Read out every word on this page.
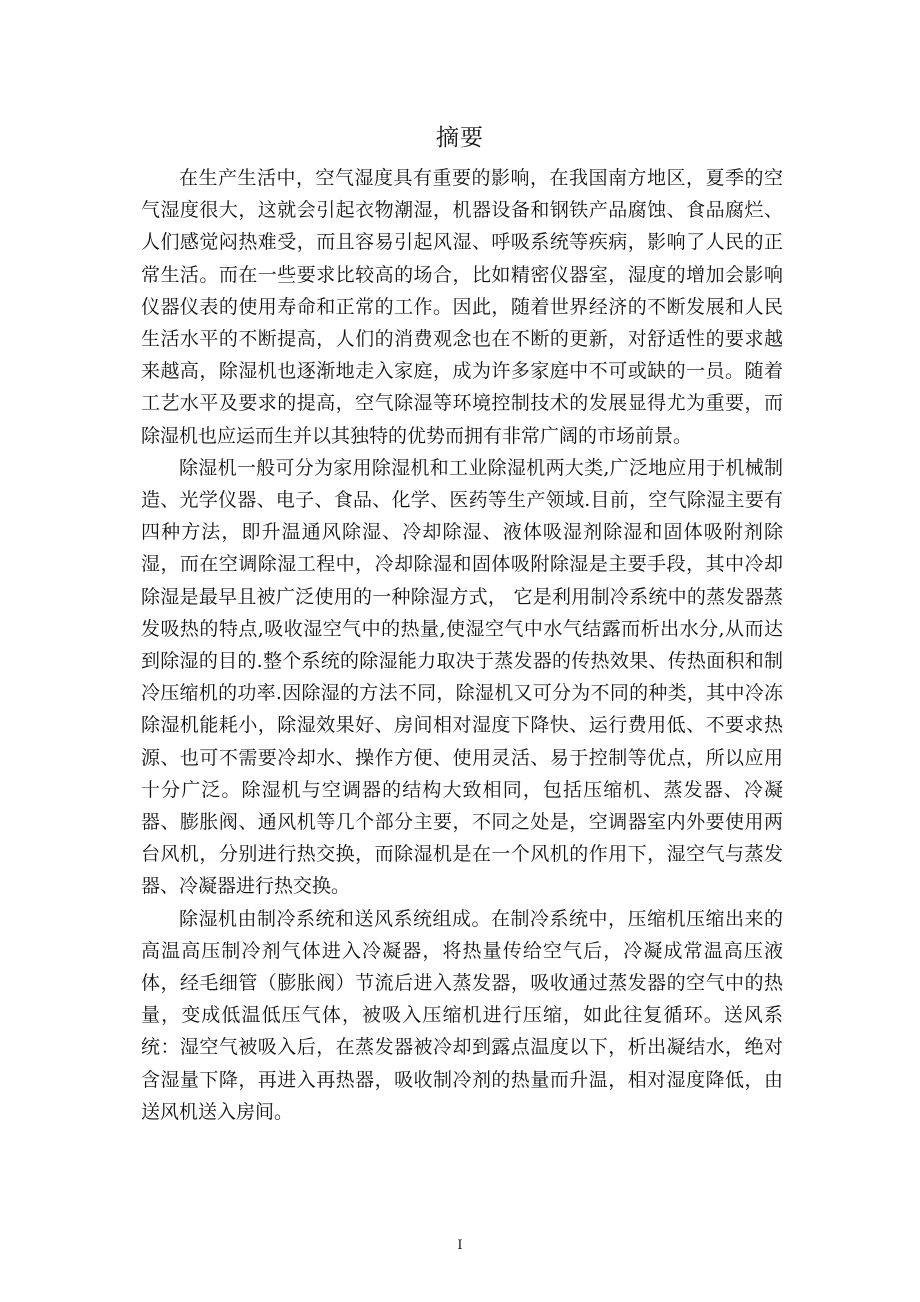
摘要

在生产生活中，空气湿度具有重要的影响，在我国南方地区，夏季的空气湿度很大，这就会引起衣物潮湿，机器设备和钢铁产品腐蚀、食品腐烂、人们感觉闷热难受，而且容易引起风湿、呼吸系统等疾病，影响了人民的正常生活。而在一些要求比较高的场合，比如精密仪器室，湿度的增加会影响仪器仪表的使用寿命和正常的工作。因此，随着世界经济的不断发展和人民生活水平的不断提高，人们的消费观念也在不断的更新，对舒适性的要求越来越高，除湿机也逐渐地走入家庭，成为许多家庭中不可或缺的一员。随着工艺水平及要求的提高，空气除湿等环境控制技术的发展显得尤为重要，而除湿机也应运而生并以其独特的优势而拥有非常广阔的市场前景。

除湿机一般可分为家用除湿机和工业除湿机两大类,广泛地应用于机械制造、光学仪器、电子、食品、化学、医药等生产领域.目前，空气除湿主要有四种方法，即升温通风除湿、冷却除湿、液体吸湿剂除湿和固体吸附剂除湿，而在空调除湿工程中，冷却除湿和固体吸附除湿是主要手段，其中冷却除湿是最早且被广泛使用的一种除湿方式， 它是利用制冷系统中的蒸发器蒸发吸热的特点,吸收湿空气中的热量,使湿空气中水气结露而析出水分,从而达到除湿的目的.整个系统的除湿能力取决于蒸发器的传热效果、传热面积和制冷压缩机的功率.因除湿的方法不同，除湿机又可分为不同的种类，其中冷冻除湿机能耗小，除湿效果好、房间相对湿度下降快、运行费用低、不要求热源、也可不需要冷却水、操作方便、使用灵活、易于控制等优点，所以应用十分广泛。除湿机与空调器的结构大致相同，包括压缩机、蒸发器、冷凝器、膨胀阀、通风机等几个部分主要，不同之处是，空调器室内外要使用两台风机，分别进行热交换，而除湿机是在一个风机的作用下，湿空气与蒸发器、冷凝器进行热交换。

除湿机由制冷系统和送风系统组成。在制冷系统中，压缩机压缩出来的高温高压制冷剂气体进入冷凝器，将热量传给空气后，冷凝成常温高压液体，经毛细管（膨胀阀）节流后进入蒸发器，吸收通过蒸发器的空气中的热量，变成低温低压气体，被吸入压缩机进行压缩，如此往复循环。送风系统：湿空气被吸入后，在蒸发器被冷却到露点温度以下，析出凝结水，绝对含湿量下降，再进入再热器，吸收制冷剂的热量而升温，相对湿度降低，由送风机送入房间。

I
